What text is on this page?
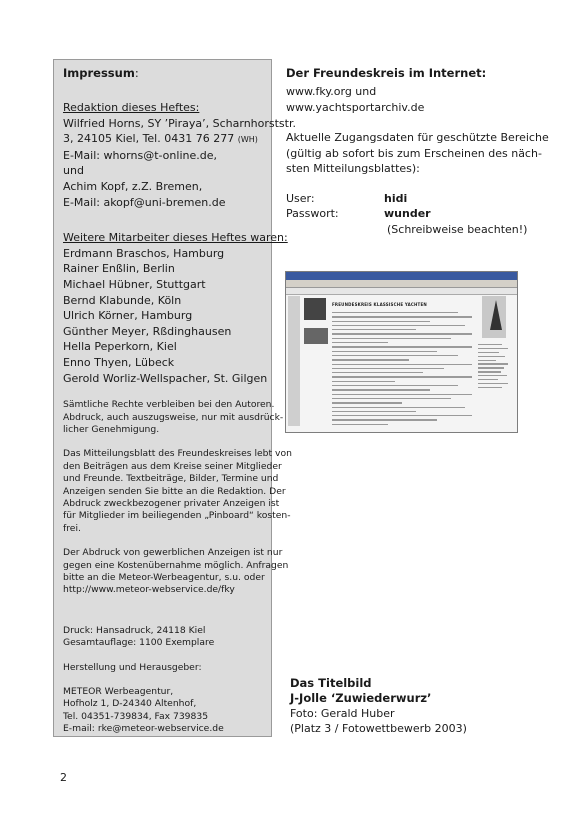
Impressum:
Redaktion dieses Heftes:
Wilfried Horns, SY ’Piraya’, Scharnhorststr.
3, 24105 Kiel, Tel. 0431 76 277 (WH)
E-Mail: whorns@t-online.de,
und
Achim Kopf, z.Z. Bremen,
E-Mail: akopf@uni-bremen.de
Weitere Mitarbeiter dieses Heftes waren:
Erdmann Braschos, Hamburg
Rainer Enßlin, Berlin
Michael Hübner, Stuttgart
Bernd Klabunde, Köln
Ulrich Körner, Hamburg
Günther Meyer, Rßdinghausen
Hella Peperkorn, Kiel
Enno Thyen, Lübeck
Gerold Worliz-Wellspacher, St. Gilgen
Sämtliche Rechte verbleiben bei den Autoren.
Abdruck, auch auszugsweise, nur mit ausdrück-
licher Genehmigung.
Das Mitteilungsblatt des Freundeskreises lebt von
den Beiträgen aus dem Kreise seiner Mitglieder
und Freunde. Textbeiträge, Bilder, Termine und
Anzeigen senden Sie bitte an die Redaktion. Der
Abdruck zweckbezogener privater Anzeigen ist
für Mitglieder im beiliegenden „Pinboard“ kosten-
frei.
Der Abdruck von gewerblichen Anzeigen ist nur
gegen eine Kostenübernahme möglich. Anfragen
bitte an die Meteor-Werbeagentur, s.u. oder
http://www.meteor-webservice.de/fky
Druck: Hansadruck, 24118 Kiel
Gesamtauflage: 1100 Exemplare
Herstellung und Herausgeber:
METEOR Werbeagentur,
Hofholz 1, D-24340 Altenhof,
Tel. 04351-739834, Fax 739835
E-mail: rke@meteor-webservice.de
Der Freundeskreis im Internet:
www.fky.org und
www.yachtsportarchiv.de
Aktuelle Zugangsdaten für geschützte Bereiche
(gültig ab sofort bis zum Erscheinen des näch-
sten Mitteilungsblattes):
User:	hidi
Passwort:	wunder
(Schreibweise beachten!)
FREUNDESKREIS KLASSISCHE YACHTEN
Das Titelbild
J-Jolle ‘Zuwiederwurz’
Foto: Gerald Huber
(Platz 3 / Fotowettbewerb 2003)
2
